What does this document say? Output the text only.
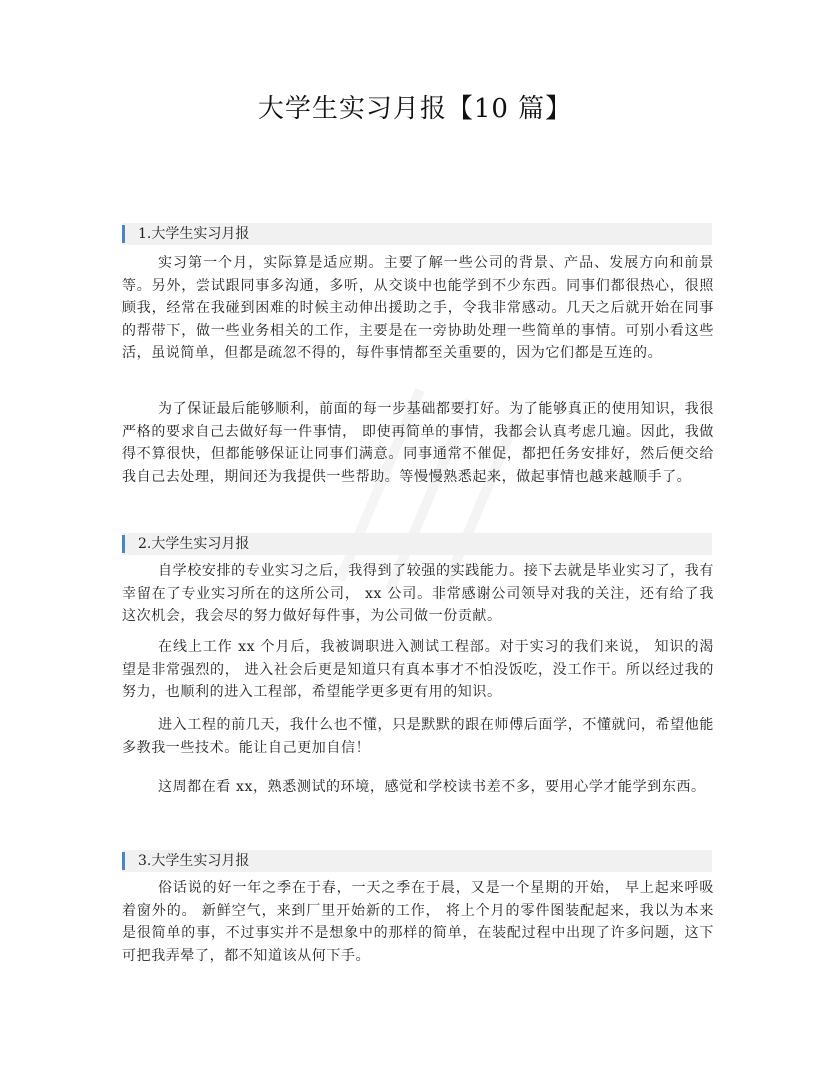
大学生实习月报【10 篇】
1.大学生实习月报

实习第一个月，实际算是适应期。主要了解一些公司的背景、产品、发展方向和前景等。另外，尝试跟同事多沟通，多听，从交谈中也能学到不少东西。同事们都很热心，很照顾我，经常在我碰到困难的时候主动伸出援助之手，令我非常感动。几天之后就开始在同事的帮带下，做一些业务相关的工作，主要是在一旁协助处理一些简单的事情。可别小看这些活，虽说简单，但都是疏忽不得的，每件事情都至关重要的，因为它们都是互连的。

为了保证最后能够顺利，前面的每一步基础都要打好。为了能够真正的使用知识，我很严格的要求自己去做好每一件事情， 即使再简单的事情，我都会认真考虑几遍。因此，我做得不算很快，但都能够保证让同事们满意。同事通常不催促，都把任务安排好，然后便交给我自己去处理，期间还为我提供一些帮助。等慢慢熟悉起来，做起事情也越来越顺手了。

2.大学生实习月报

自学校安排的专业实习之后，我得到了较强的实践能力。接下去就是毕业实习了，我有幸留在了专业实习所在的这所公司， xx 公司。非常感谢公司领导对我的关注，还有给了我这次机会，我会尽的努力做好每件事，为公司做一份贡献。

在线上工作 xx 个月后，我被调职进入测试工程部。对于实习的我们来说， 知识的渴望是非常强烈的， 进入社会后更是知道只有真本事才不怕没饭吃，没工作干。所以经过我的努力，也顺利的进入工程部，希望能学更多更有用的知识。

进入工程的前几天，我什么也不懂，只是默默的跟在师傅后面学，不懂就问，希望他能多教我一些技术。能让自己更加自信！

这周都在看 xx，熟悉测试的环境，感觉和学校读书差不多，要用心学才能学到东西。

3.大学生实习月报

俗话说的好一年之季在于春，一天之季在于晨，又是一个星期的开始， 早上起来呼吸着窗外的。 新鲜空气，来到厂里开始新的工作， 将上个月的零件图装配起来，我以为本来是很简单的事，不过事实并不是想象中的那样的简单，在装配过程中出现了许多问题，这下可把我弄晕了，都不知道该从何下手。
